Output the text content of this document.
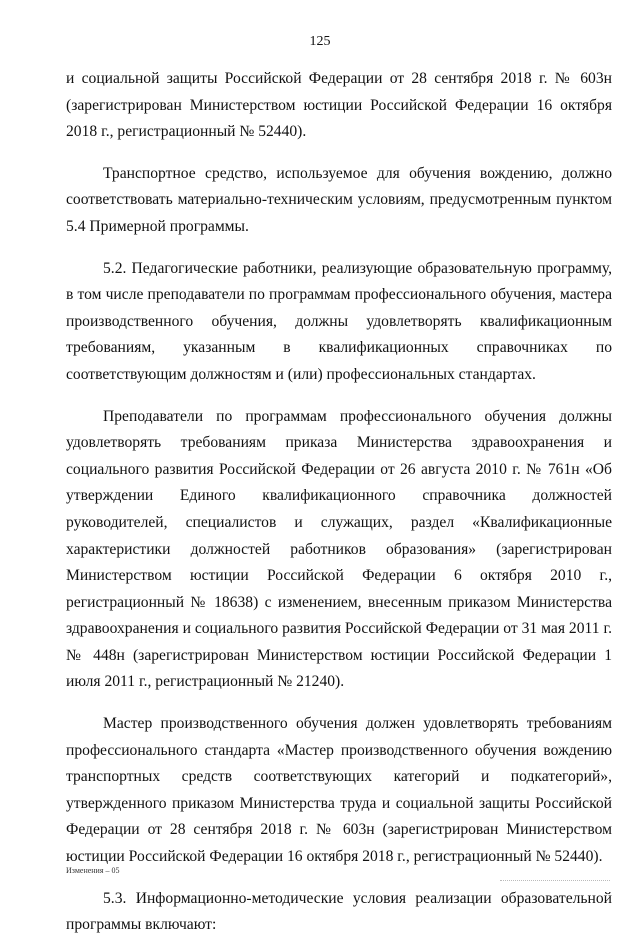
125

и социальной защиты Российской Федерации от 28 сентября 2018 г. № 603н (зарегистрирован Министерством юстиции Российской Федерации 16 октября 2018 г., регистрационный № 52440).

Транспортное средство, используемое для обучения вождению, должно соответствовать материально-техническим условиям, предусмотренным пунктом 5.4 Примерной программы.

5.2. Педагогические работники, реализующие образовательную программу, в том числе преподаватели по программам профессионального обучения, мастера производственного обучения, должны удовлетворять квалификационным требованиям, указанным в квалификационных справочниках по соответствующим должностям и (или) профессиональных стандартах.

Преподаватели по программам профессионального обучения должны удовлетворять требованиям приказа Министерства здравоохранения и социального развития Российской Федерации от 26 августа 2010 г. № 761н «Об утверждении Единого квалификационного справочника должностей руководителей, специалистов и служащих, раздел «Квалификационные характеристики должностей работников образования» (зарегистрирован Министерством юстиции Российской Федерации 6 октября 2010 г., регистрационный № 18638) с изменением, внесенным приказом Министерства здравоохранения и социального развития Российской Федерации от 31 мая 2011 г. № 448н (зарегистрирован Министерством юстиции Российской Федерации 1 июля 2011 г., регистрационный № 21240).

Мастер производственного обучения должен удовлетворять требованиям профессионального стандарта «Мастер производственного обучения вождению транспортных средств соответствующих категорий и подкатегорий», утвержденного приказом Министерства труда и социальной защиты Российской Федерации от 28 сентября 2018 г. № 603н (зарегистрирован Министерством юстиции Российской Федерации 16 октября 2018 г., регистрационный № 52440).

5.3. Информационно-методические условия реализации образовательной программы включают:

Изменения – 05
